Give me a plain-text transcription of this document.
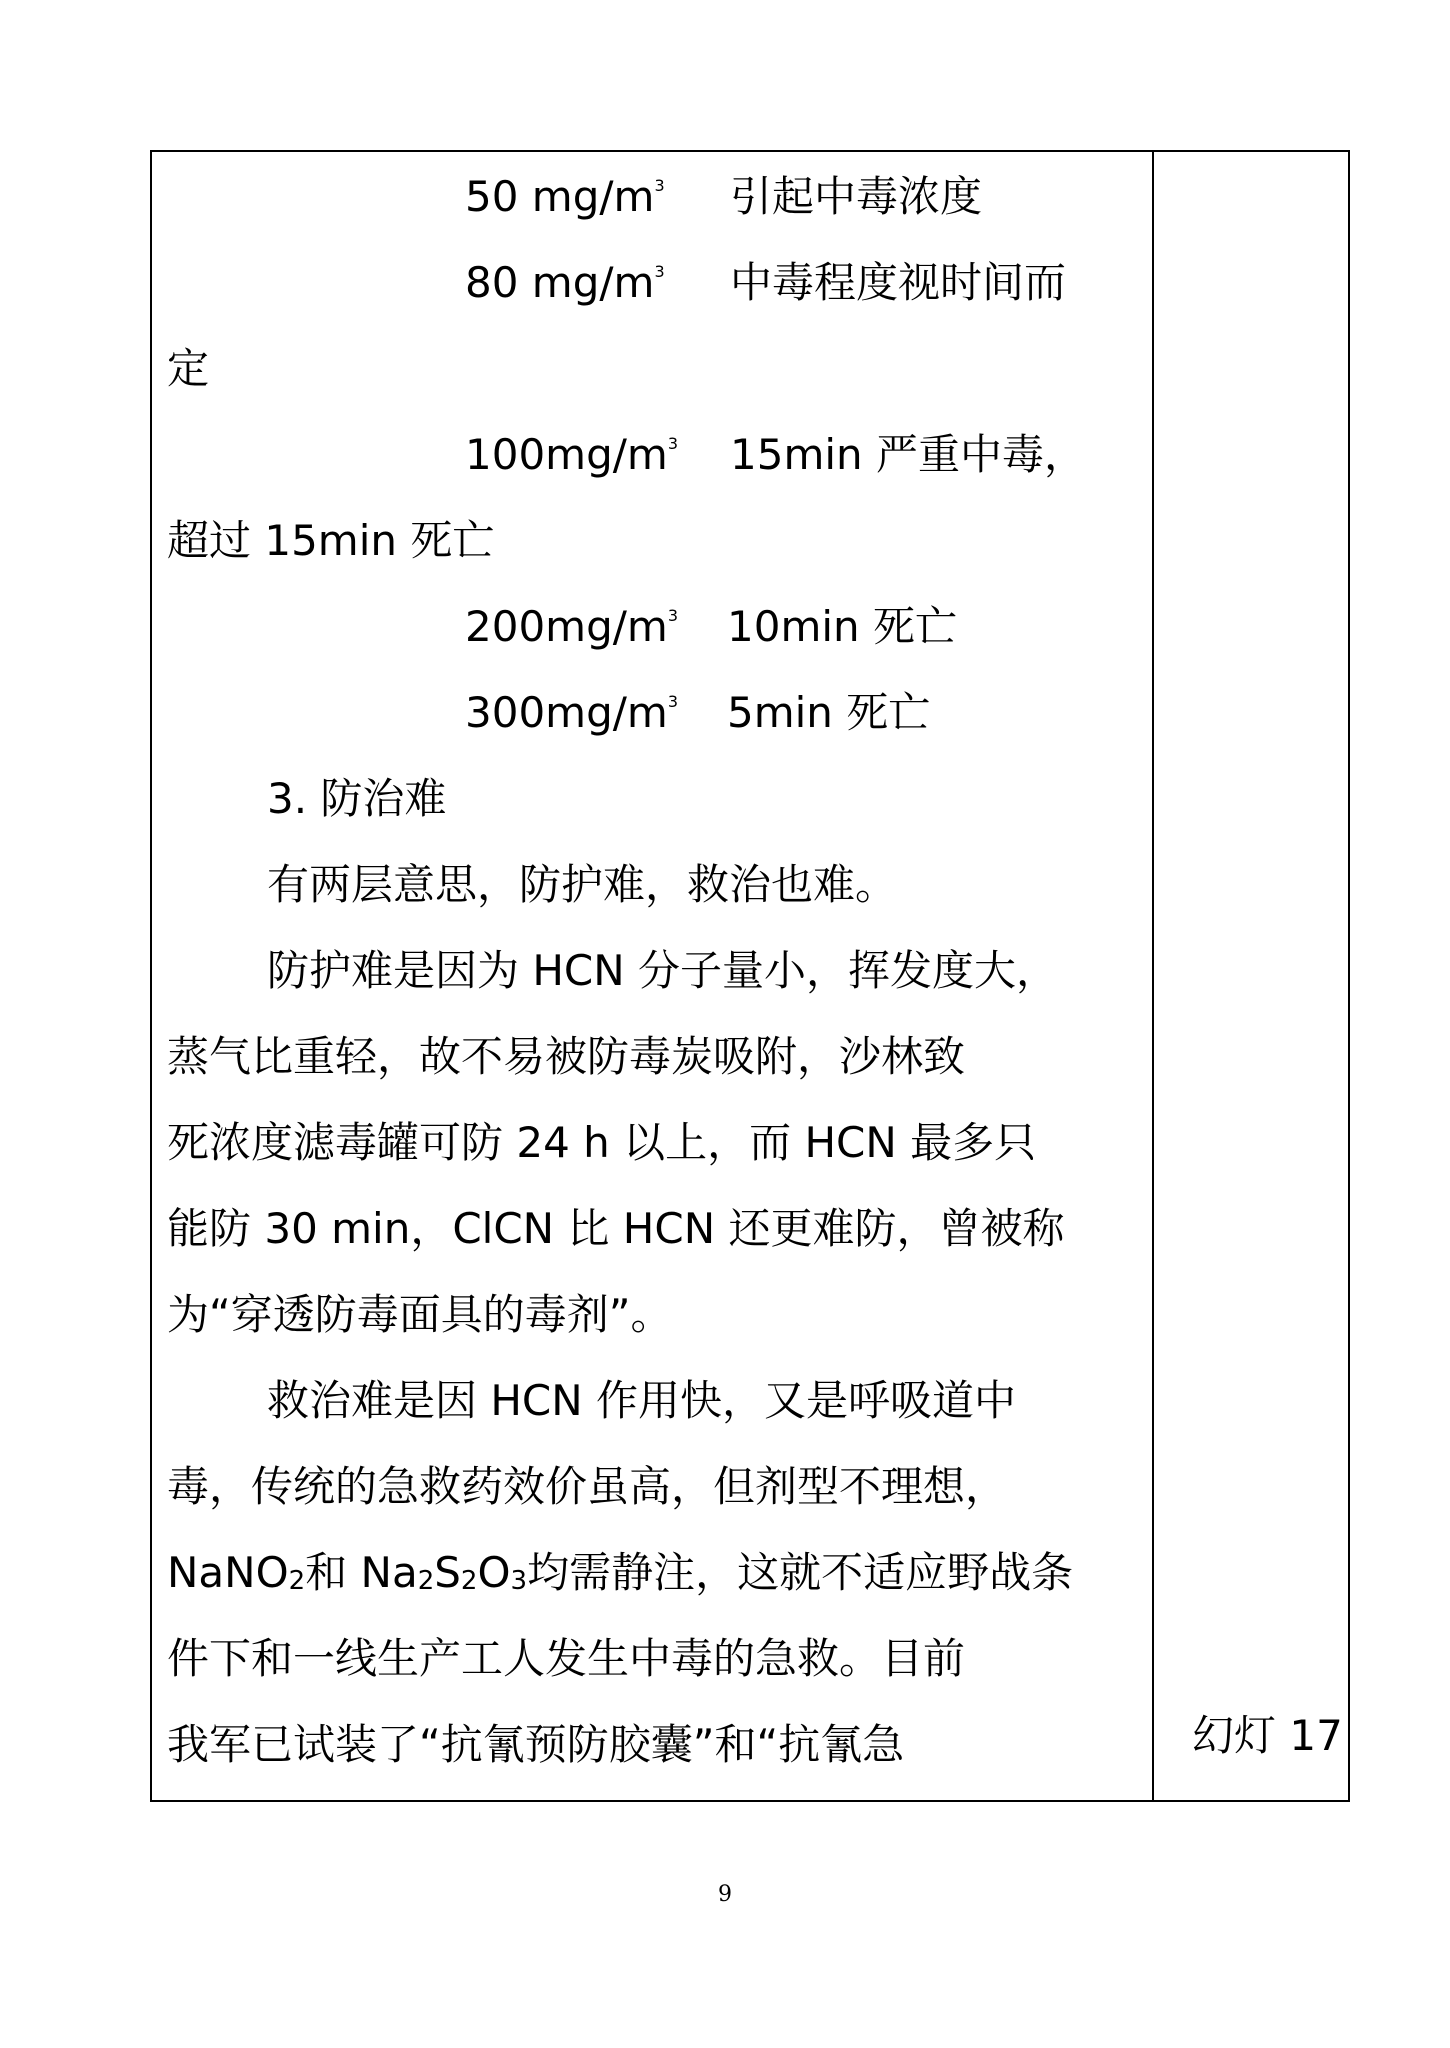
50 $mg/m^3$ 引起中毒浓度
80 $mg/m^3$ 中毒程度视时间而
定
$100mg/m^3$ 15min 严重中毒，
超过 15min 死亡
$200mg/m^3$ 10min 死亡
$300mg/m^3$ 5min 死亡
3. 防治难
有两层意思，防护难，救治也难。
防护难是因为 HCN 分子量小，挥发度大，
蒸气比重轻，故不易被防毒炭吸附，沙林致
死浓度滤毒罐可防 24 h 以上，而 HCN 最多只
能防 30 min，ClCN 比 HCN 还更难防，曾被称
为“穿透防毒面具的毒剂”。
救治难是因 HCN 作用快，又是呼吸道中
毒，传统的急救药效价虽高，但剂型不理想，
NaNO$_2$和 $Na_2S_2O_3$均需静注，这就不适应野战条
件下和一线生产工人发生中毒的急救。目前
我军已试装了“抗氰预防胶囊”和“抗氰急	幻灯 17
9
